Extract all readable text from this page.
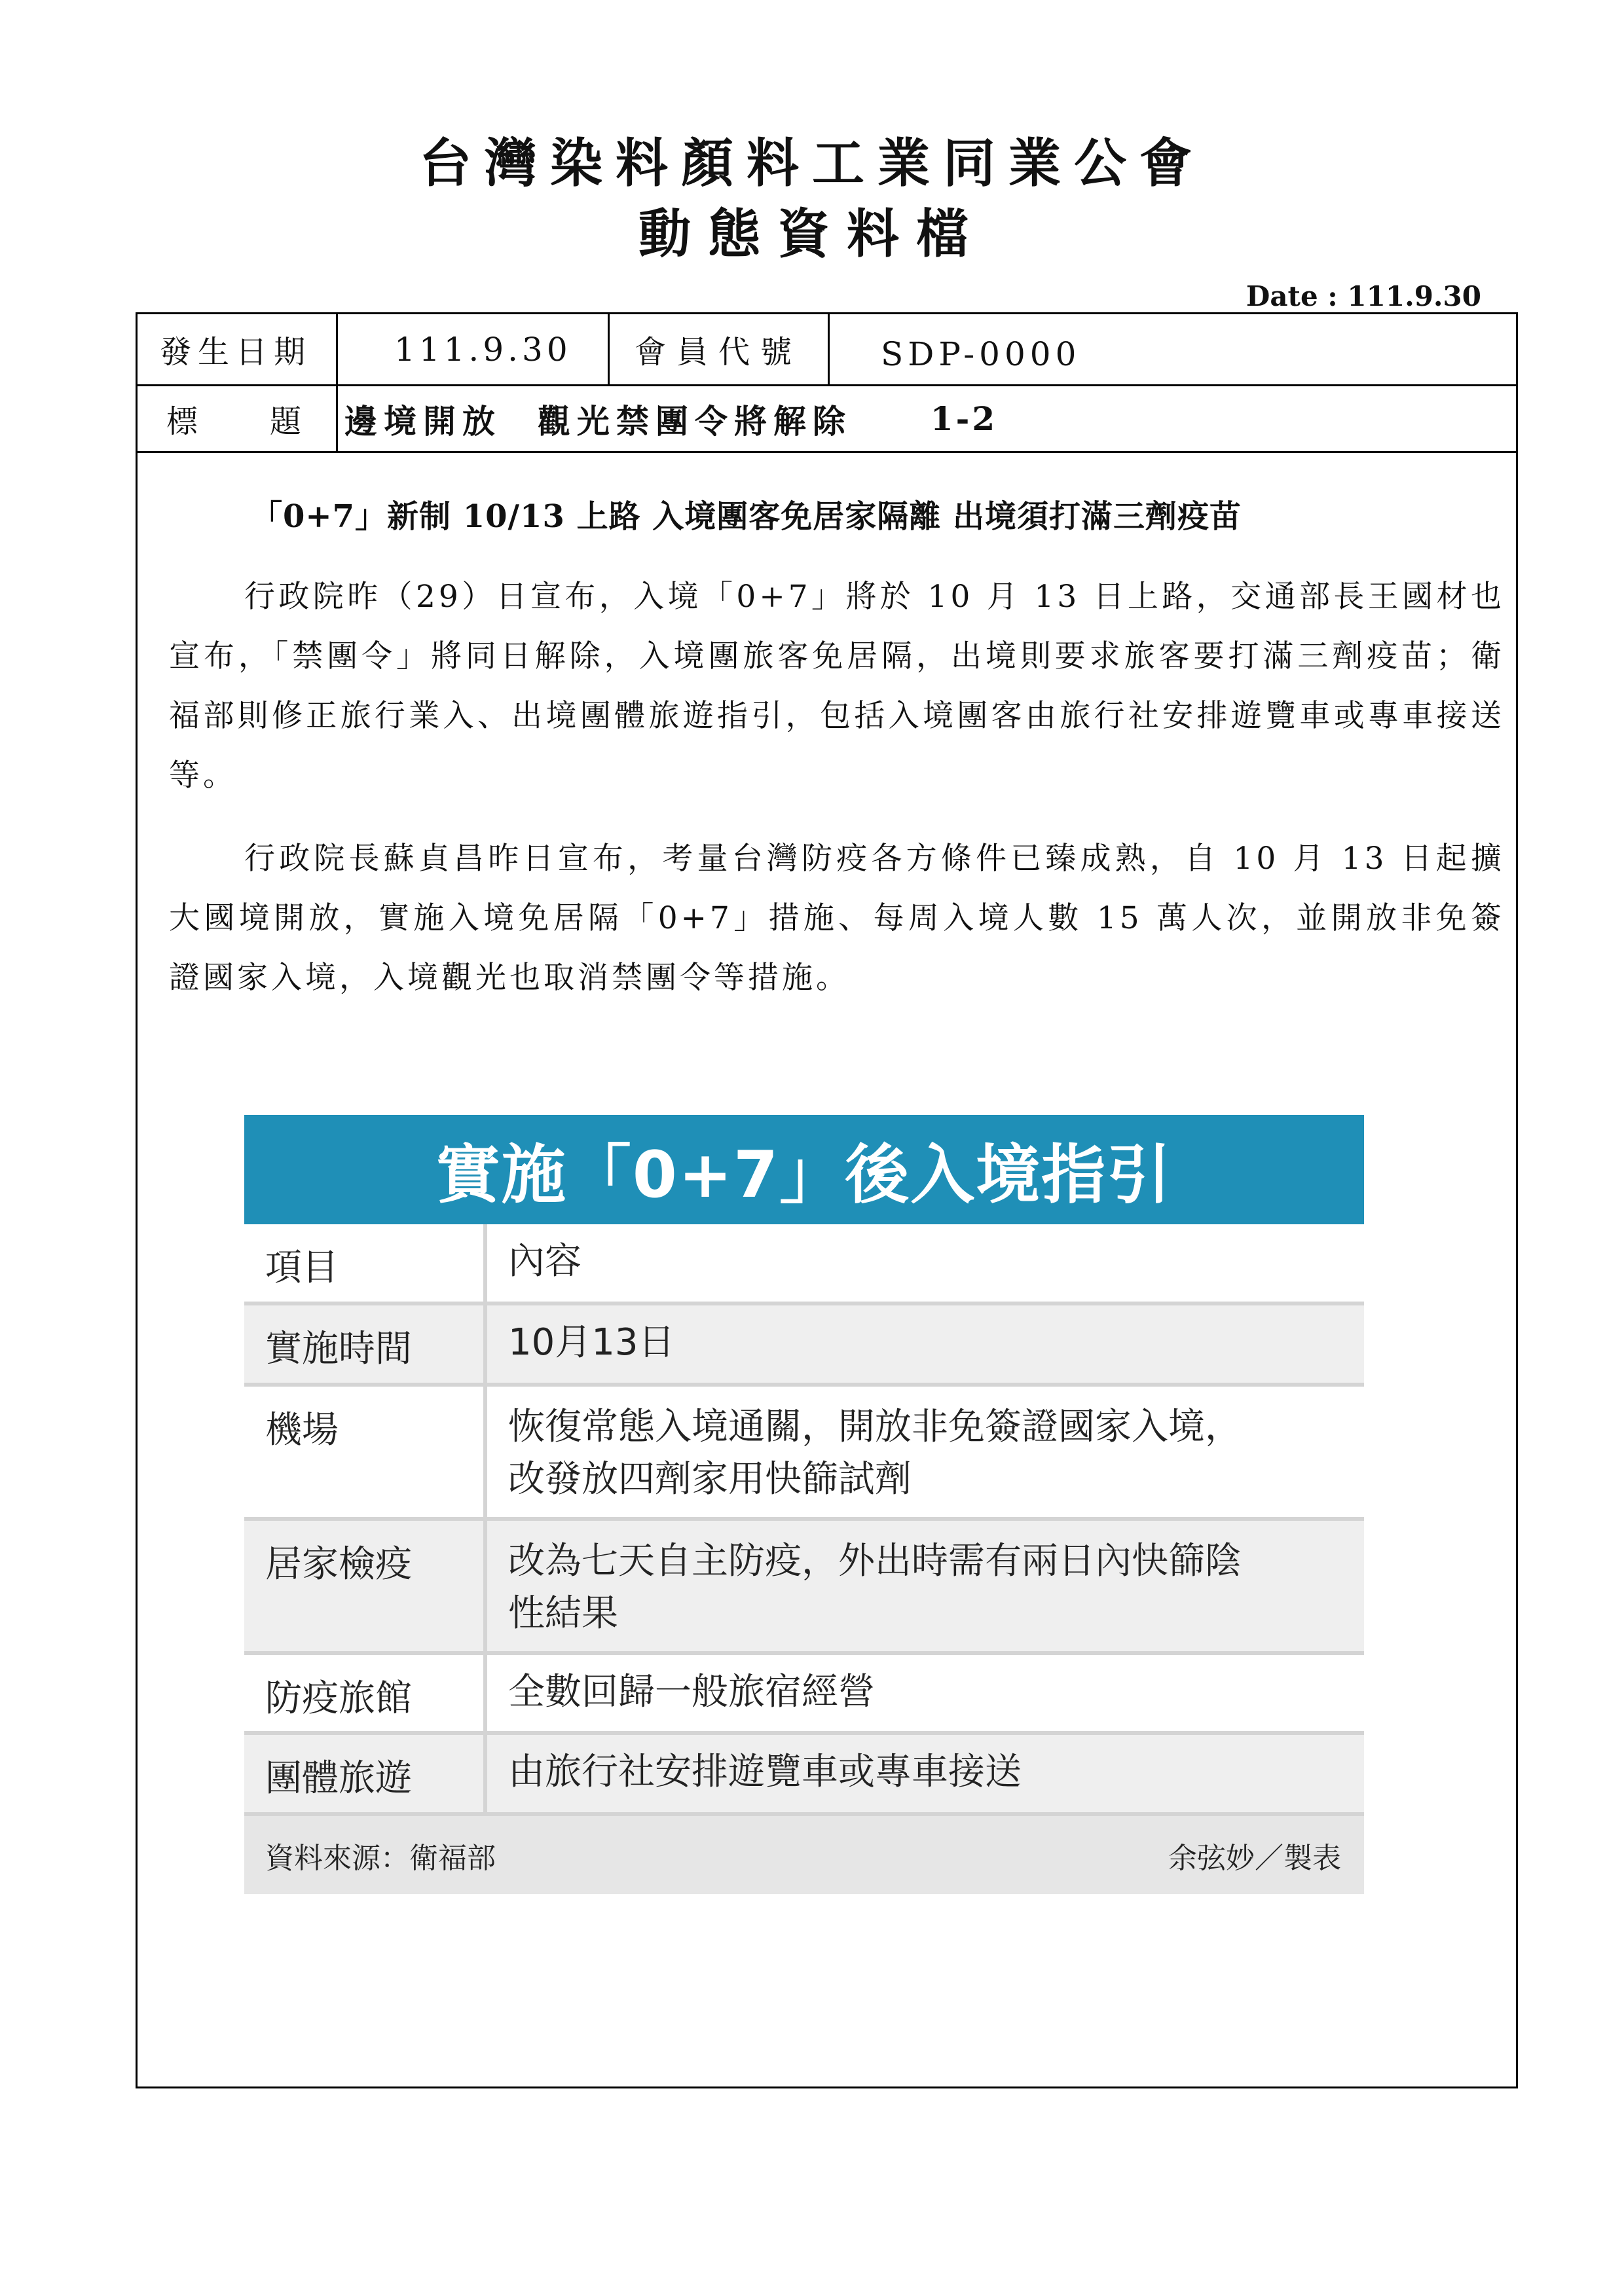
台灣染料顏料工業同業公會
動態資料檔
Date : 111.9.30
發生日期	111.9.30	會員代號	SDP-0000
標 題 邊境開放  觀光禁團令將解除 1-2
「0+7」新制 10/13 上路 入境團客免居家隔離 出境須打滿三劑疫苗

行政院昨（29）日宣布，入境「0+7」將於 10 月 13 日上路，交通部長王國材也宣布，「禁團令」將同日解除，入境團旅客免居隔，出境則要求旅客要打滿三劑疫苗；衛福部則修正旅行業入、出境團體旅遊指引，包括入境團客由旅行社安排遊覽車或專車接送等。

行政院長蘇貞昌昨日宣布，考量台灣防疫各方條件已臻成熟，自 10 月 13 日起擴大國境開放，實施入境免居隔「0+7」措施、每周入境人數 15 萬人次，並開放非免簽證國家入境，入境觀光也取消禁團令等措施。

實施「0+7」後入境指引
項目	內容
實施時間	10月13日
機場	恢復常態入境通關，開放非免簽證國家入境，
改發放四劑家用快篩試劑
居家檢疫	改為七天自主防疫，外出時需有兩日內快篩陰
性結果
防疫旅館	全數回歸一般旅宿經營
團體旅遊	由旅行社安排遊覽車或專車接送
資料來源：衛福部	余弦妙／製表
